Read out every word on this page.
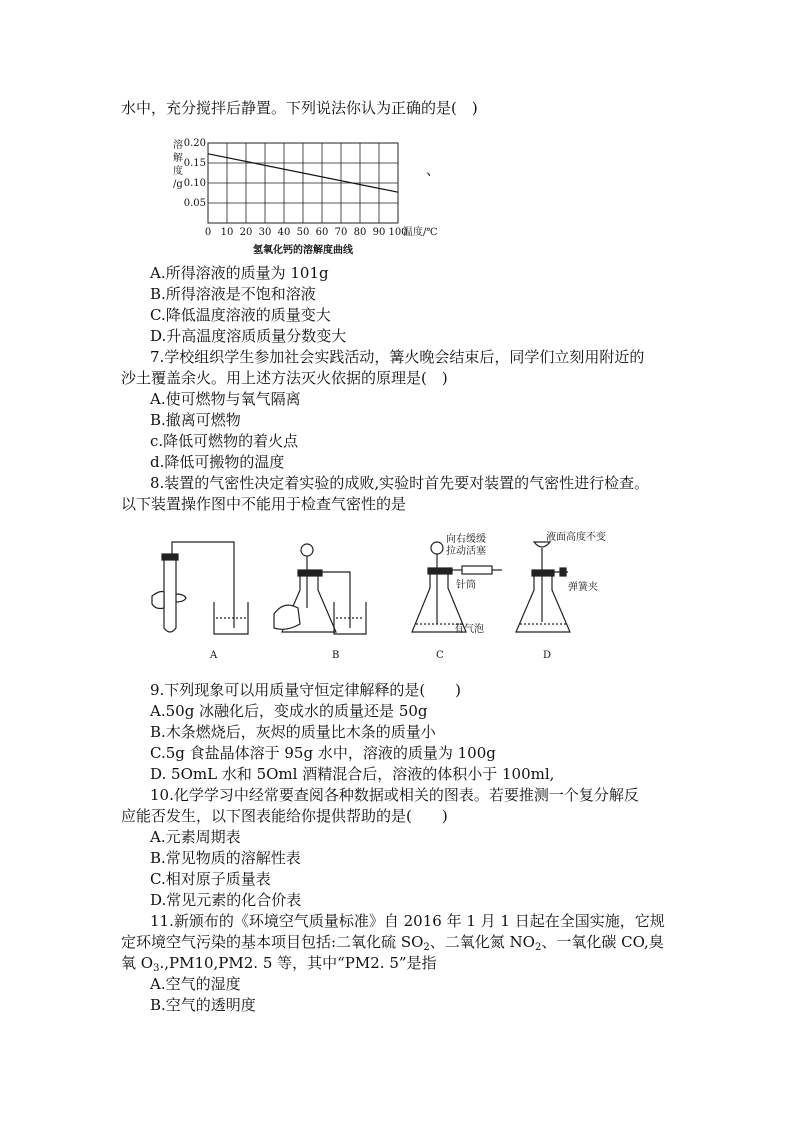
水中，充分搅拌后静置。下列说法你认为正确的是(　)
0 10 20 30 40 50 60 70 80 90 100
0.20
0.15
0.10
0.05
溶
解
度
/g
温度/℃
氢氧化钙的溶解度曲线
、
A.所得溶液的质量为 101g
B.所得溶液是不饱和溶液
C.降低温度溶液的质量变大
D.升高温度溶质质量分数变大
7.学校组织学生参加社会实践活动，篝火晚会结束后，同学们立刻用附近的
沙土覆盖余火。用上述方法灭火依据的原理是(　)
A.使可燃物与氧气隔离
B.撤离可燃物
c.降低可燃物的着火点
d.降低可搬物的温度
8.装置的气密性决定着实验的成败,实验时首先要对装置的气密性进行检查。
以下装置操作图中不能用于检查气密性的是
A	B
向右缓缓
拉动活塞
针筒
有气泡
C
液面高度不变
弹簧夹
D
9.下列现象可以用质量守恒定律解释的是(　　)
A.50g 冰融化后，变成水的质量还是 50g
B.木条燃烧后，灰烬的质量比木条的质量小
C.5g 食盐晶体溶于 95g 水中，溶液的质量为 100g
D. 5OmL 水和 5Oml 酒精混合后，溶液的体积小于 100ml,
10.化学学习中经常要查阅各种数据或相关的图表。若要推测一个复分解反
应能否发生，以下图表能给你提供帮助的是(　　)
A.元素周期表
B.常见物质的溶解性表
C.相对原子质量表
D.常见元素的化合价表
11.新颁布的《环境空气质量标准》自 2016 年 1 月 1 日起在全国实施，它规
定环境空气污染的基本项目包括:二氧化硫 $SO_2$、二氧化氮 $NO_2$、一氧化碳 CO,臭
氧 $O_3.,PM10,PM2$. 5 等，其中“PM2. 5”是指
A.空气的湿度
B.空气的透明度
